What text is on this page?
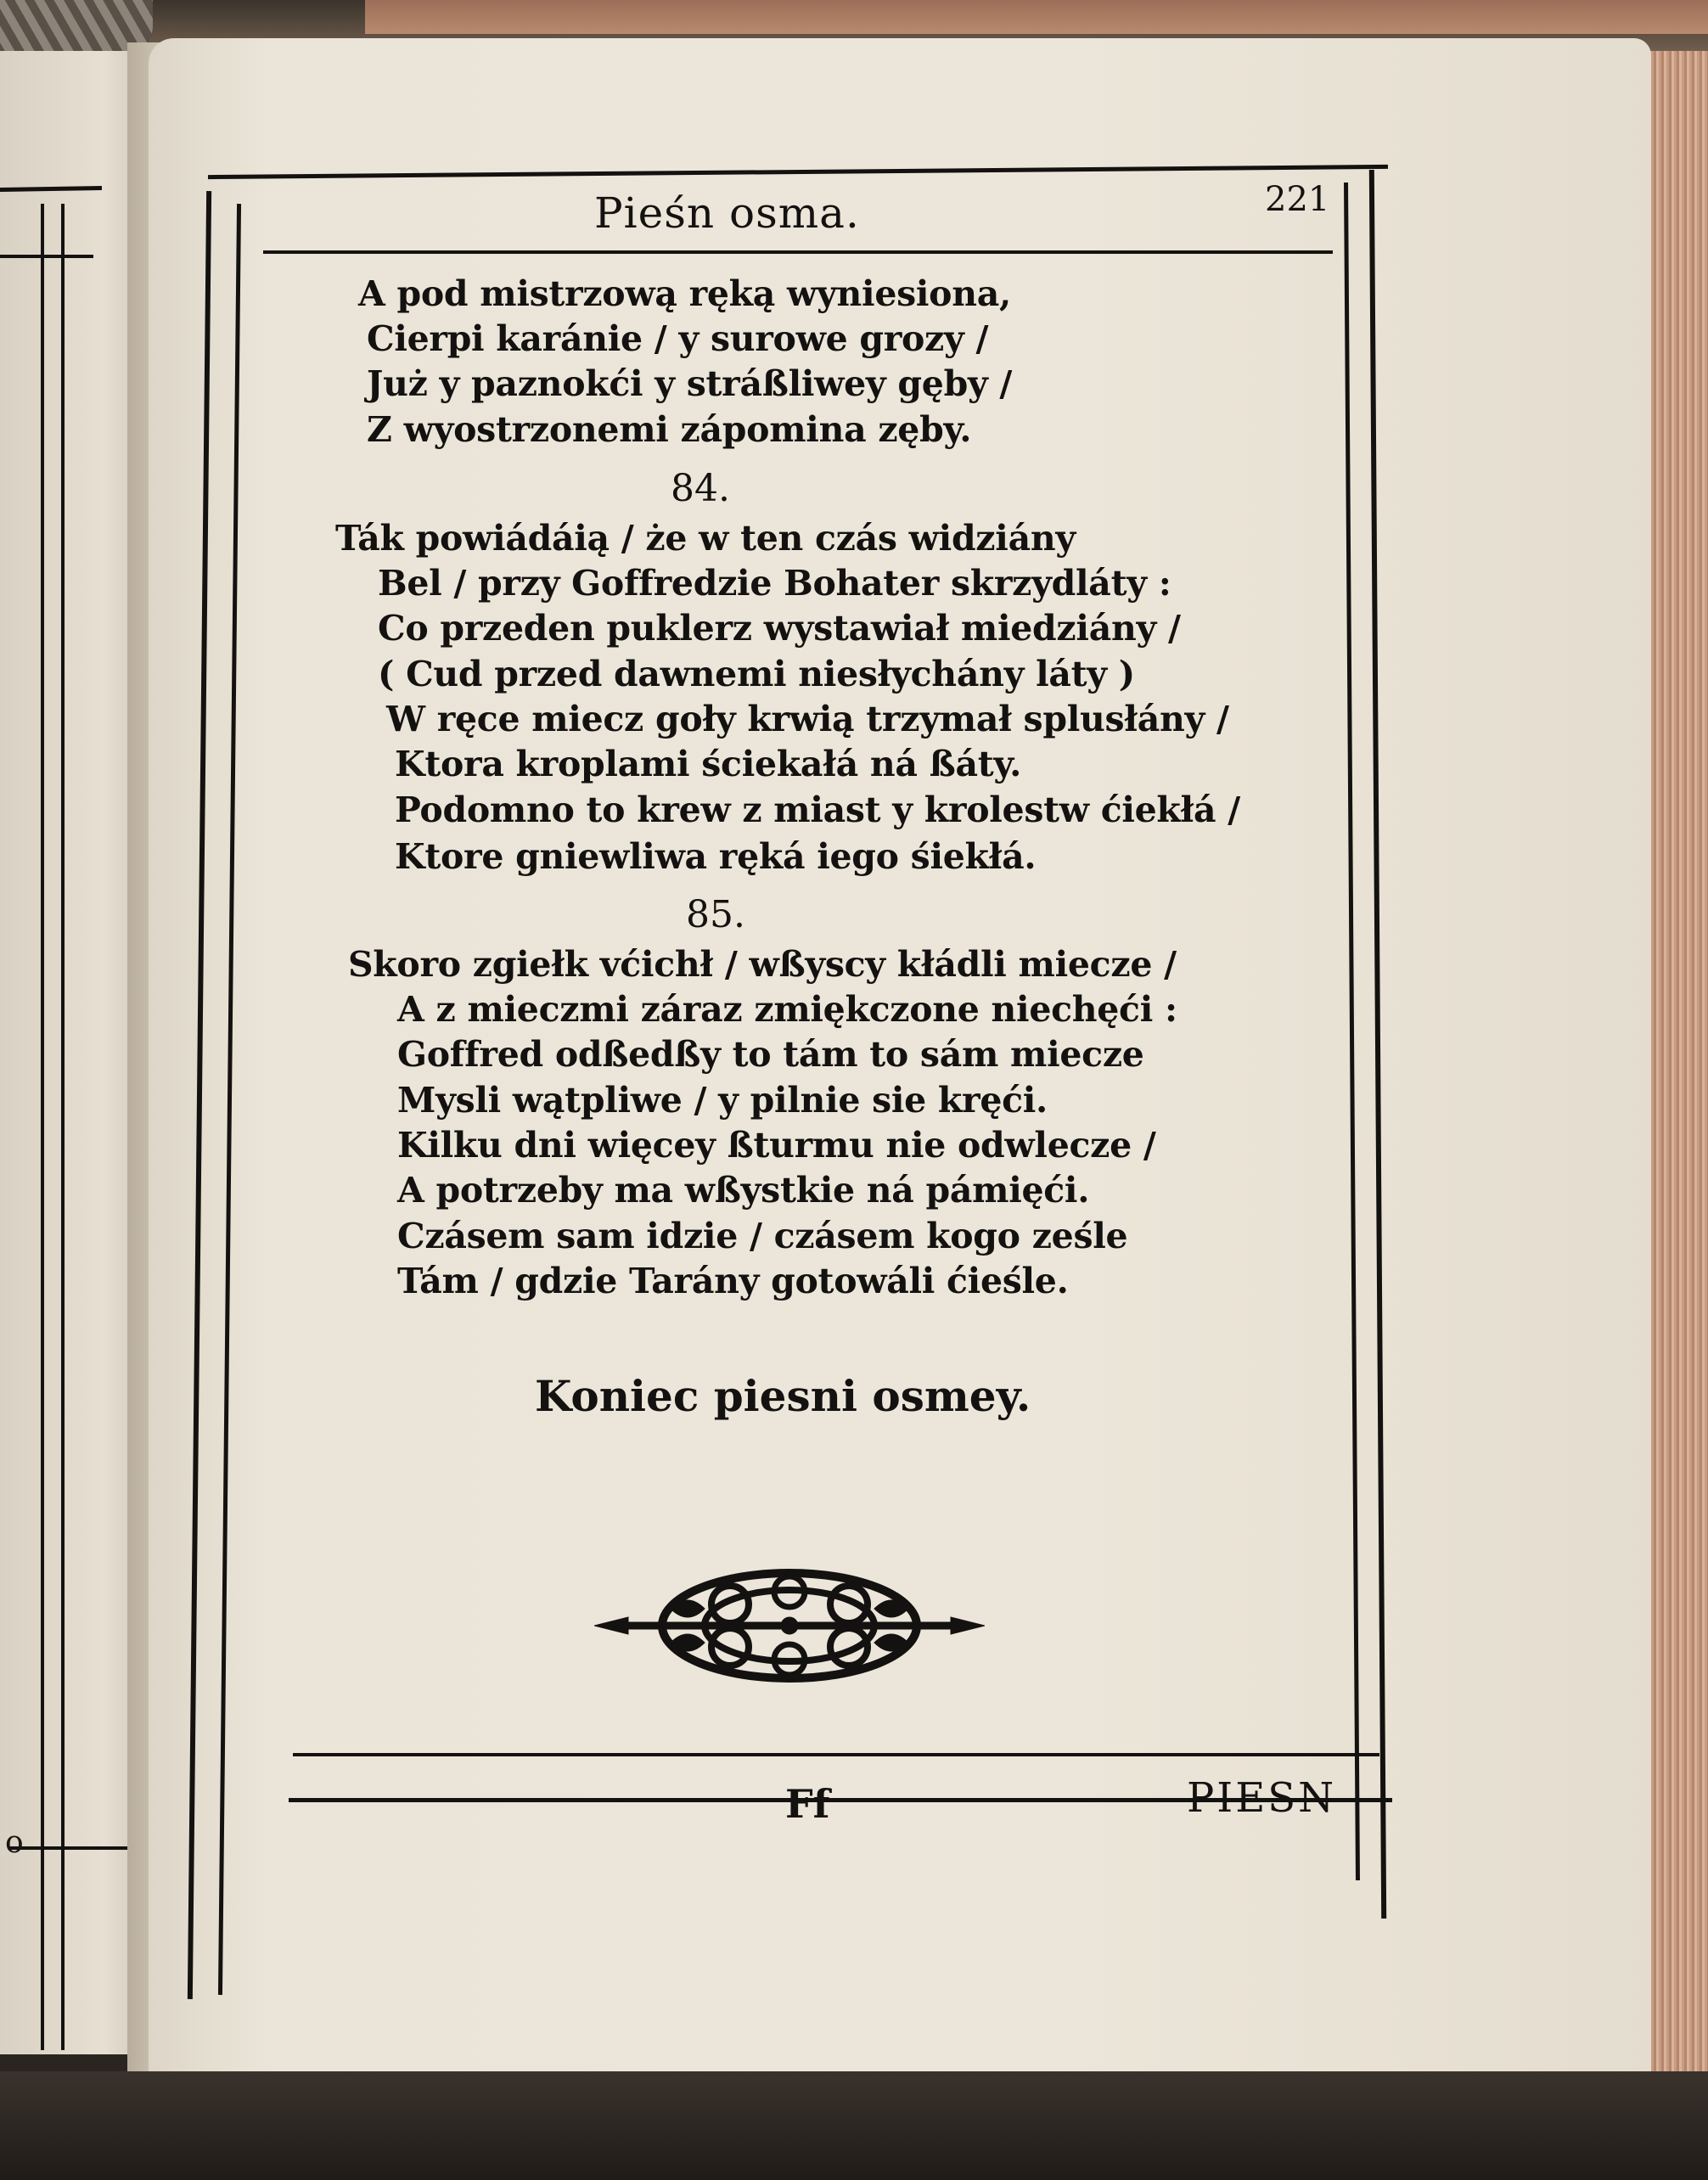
o
Pieśn osma.	221
A pod mistrzową ręką wyniesiona,
Cierpi karánie / y surowe grozy /
Już y paznokći y stráßliwey gęby /
Z wyostrzonemi zápomina zęby.
84.
Ták powiádáią / że w ten czás widziány
Bel / przy Goffredzie Bohater skrzydláty :
Co przeden puklerz wystawiał miedziány /
( Cud przed dawnemi niesłychány láty )
W ręce miecz goły krwią trzymał splusłány /
Ktora kroplami ściekałá ná ßáty.
Podomno to krew z miast y krolestw ćiekłá /
Ktore gniewliwa ręká iego śiekłá.
85.
Skoro zgiełk vćichł / wßyscy kłádli miecze /
A z mieczmi záraz zmiękczone niechęći :
Goffred odßedßy to tám to sám miecze
Mysli wątpliwe / y pilnie sie kręći.
Kilku dni więcey ßturmu nie odwlecze /
A potrzeby ma wßystkie ná pámięći.
Czásem sam idzie / czásem kogo ześle
Tám / gdzie Tarány gotowáli ćieśle.
Koniec piesni osmey.
Ff	PIESN
